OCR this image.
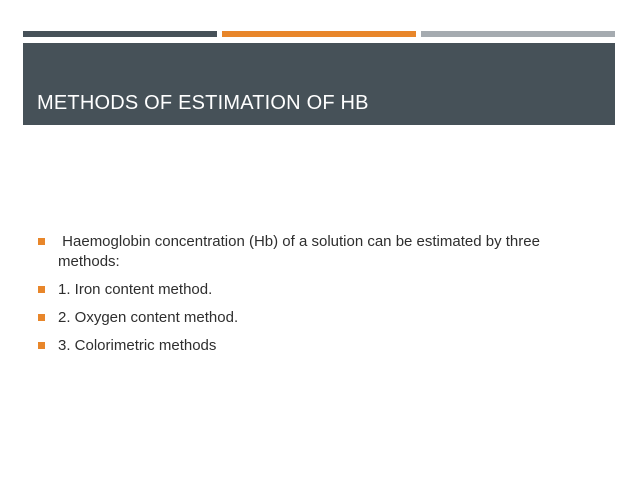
METHODS OF ESTIMATION OF HB
Haemoglobin concentration (Hb) of a solution can be estimated by three methods:
1. Iron content method.
2. Oxygen content method.
3. Colorimetric methods
